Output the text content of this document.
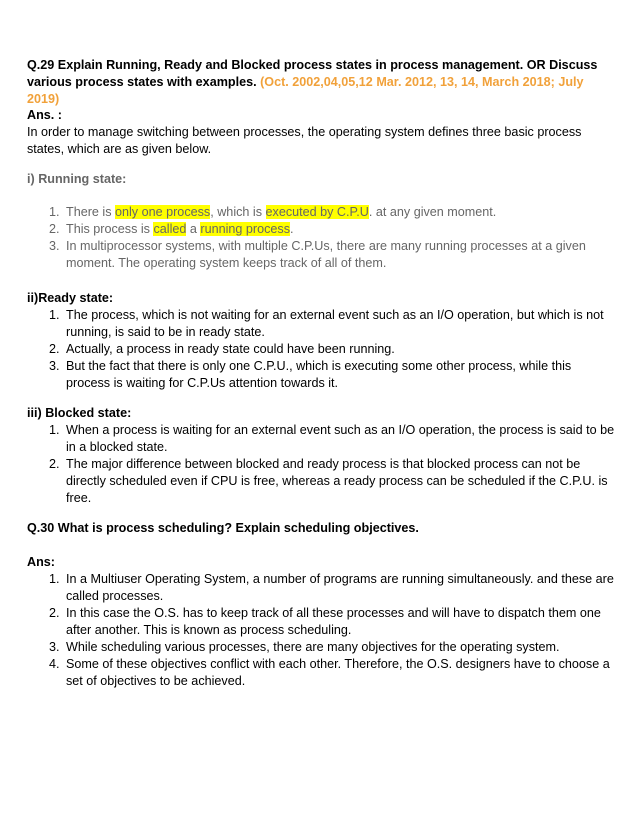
Q.29 Explain Running, Ready and Blocked process states in process management. OR Discuss various process states with examples. (Oct. 2002,04,05,12 Mar. 2012, 13, 14, March 2018; July 2019)

Ans. :

In order to manage switching between processes, the operating system defines three basic process states, which are as given below.

i) Running state:

1. There is only one process, which is executed by C.P.U. at any given moment.
2. This process is called a running process.
3. In multiprocessor systems, with multiple C.P.Us, there are many running processes at a given moment. The operating system keeps track of all of them.

ii)Ready state:

1. The process, which is not waiting for an external event such as an I/O operation, but which is not running, is said to be in ready state.
2. Actually, a process in ready state could have been running.
3. But the fact that there is only one C.P.U., which is executing some other process, while this process is waiting for C.P.Us attention towards it.

iii) Blocked state:

1. When a process is waiting for an external event such as an I/O operation, the process is said to be in a blocked state.
2. The major difference between blocked and ready process is that blocked process can not be directly scheduled even if CPU is free, whereas a ready process can be scheduled if the C.P.U. is free.

Q.30 What is process scheduling? Explain scheduling objectives.

Ans:

1. In a Multiuser Operating System, a number of programs are running simultaneously. and these are called processes.
2. In this case the O.S. has to keep track of all these processes and will have to dispatch them one after another. This is known as process scheduling.
3. While scheduling various processes, there are many objectives for the operating system.
4. Some of these objectives conflict with each other. Therefore, the O.S. designers have to choose a set of objectives to be achieved.
